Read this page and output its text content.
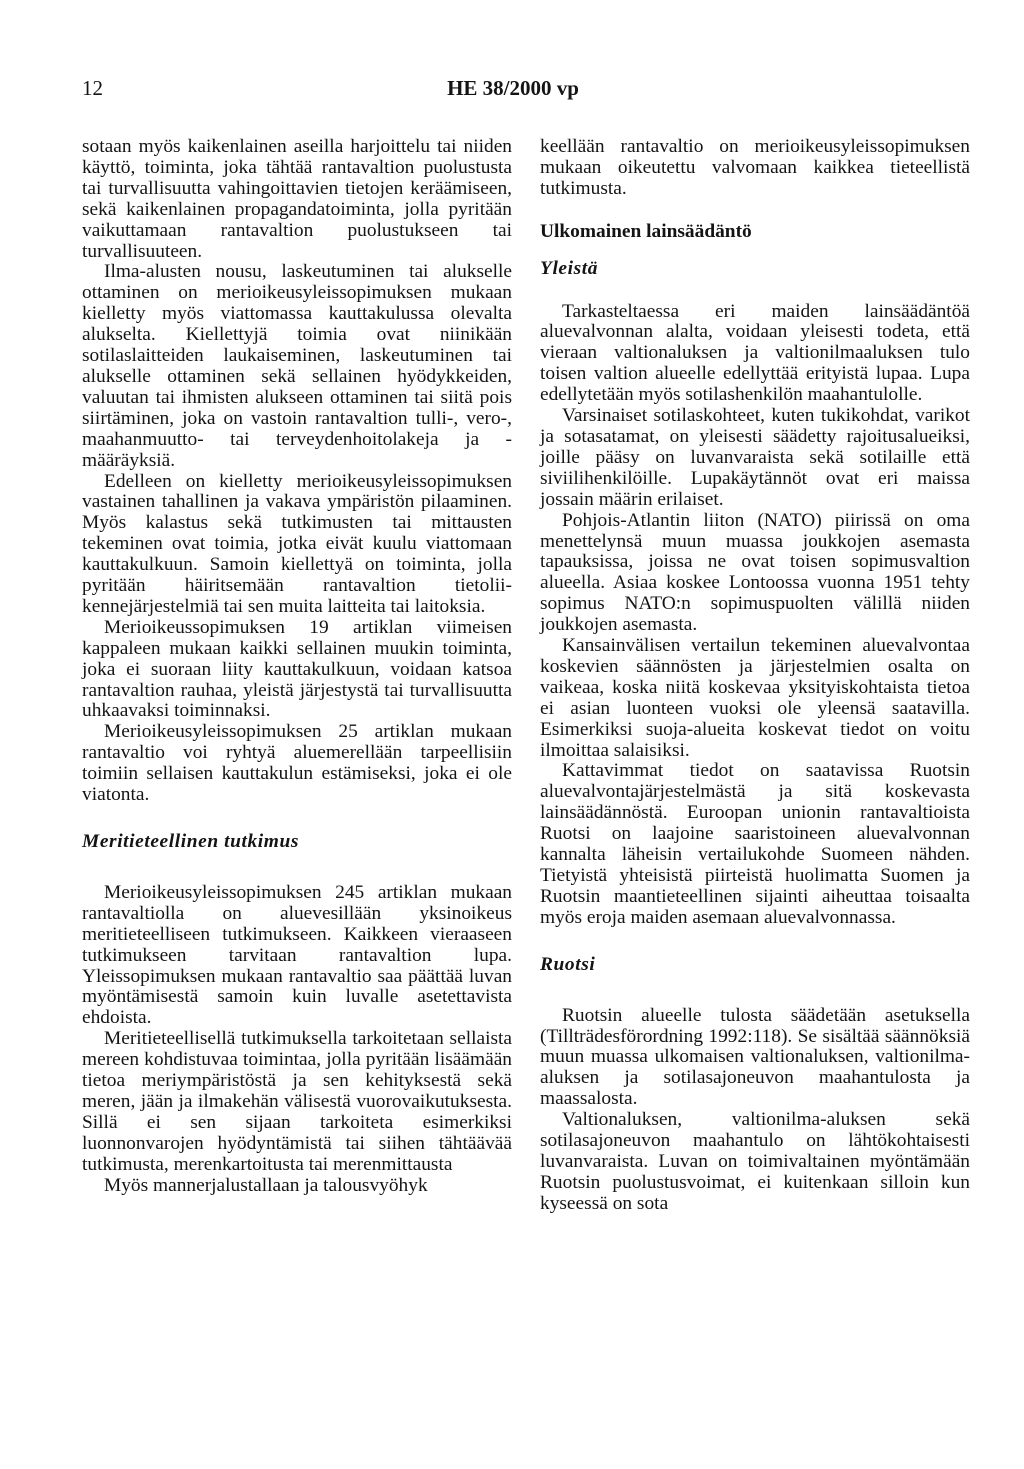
12	HE 38/2000 vp

sotaan myös kaikenlainen aseilla harjoittelu tai niiden käyttö, toiminta, joka tähtää rantavaltion puolustusta tai turvallisuutta vahingoittavien tietojen keräämiseen, sekä kaikenlainen propagandatoiminta, jolla pyritään vaikuttamaan rantavaltion puolustukseen tai turvallisuuteen.

Ilma-alusten nousu, laskeutuminen tai alukselle ottaminen on merioikeusyleissopimuksen mukaan kielletty myös viattomassa kauttakulussa olevalta alukselta. Kiellettyjä toimia ovat niinikään sotilaslaitteiden laukaiseminen, laskeutuminen tai alukselle ottaminen sekä sellainen hyödykkeiden, valuutan tai ihmisten alukseen ottaminen tai siitä pois siirtäminen, joka on vastoin rantavaltion tulli-, vero-, maahanmuutto- tai terveydenhoitolakeja ja -määräyksiä.

Edelleen on kielletty merioikeusyleissopimuksen vastainen tahallinen ja vakava ympäristön pilaaminen. Myös kalastus sekä tutkimusten tai mittausten tekeminen ovat toimia, jotka eivät kuulu viattomaan kauttakulkuun. Samoin kiellettyä on toiminta, jolla pyritään häiritsemään rantavaltion tietoliikennejärjestelmiä tai sen muita laitteita tai laitoksia.

Merioikeussopimuksen 19 artiklan viimeisen kappaleen mukaan kaikki sellainen muukin toiminta, joka ei suoraan liity kauttakulkuun, voidaan katsoa rantavaltion rauhaa, yleistä järjestystä tai turvallisuutta uhkaavaksi toiminnaksi.

Merioikeusyleissopimuksen 25 artiklan mukaan rantavaltio voi ryhtyä aluemerellään tarpeellisiin toimiin sellaisen kauttakulun estämiseksi, joka ei ole viatonta.

Meritieteellinen tutkimus

Merioikeusyleissopimuksen 245 artiklan mukaan rantavaltiolla on aluevesillään yksinoikeus meritieteelliseen tutkimukseen. Kaikkeen vieraaseen tutkimukseen tarvitaan rantavaltion lupa. Yleissopimuksen mukaan rantavaltio saa päättää luvan myöntämisestä samoin kuin luvalle asetettavista ehdoista.

Meritieteellisellä tutkimuksella tarkoitetaan sellaista mereen kohdistuvaa toimintaa, jolla pyritään lisäämään tietoa meriympäristöstä ja sen kehityksestä sekä meren, jään ja ilmakehän välisestä vuorovaikutuksesta. Sillä ei sen sijaan tarkoiteta esimerkiksi luonnonvarojen hyödyntämistä tai siihen tähtäävää tutkimusta, merenkartoitusta tai merenmittausta

Myös mannerjalustallaan ja talousvyöhyk

keellään rantavaltio on merioikeusyleissopimuksen mukaan oikeutettu valvomaan kaikkea tieteellistä tutkimusta.

Ulkomainen lainsäädäntö
Yleistä

Tarkasteltaessa eri maiden lainsäädäntöä aluevalvonnan alalta, voidaan yleisesti todeta, että vieraan valtionaluksen ja valtionilmaaluksen tulo toisen valtion alueelle edellyttää erityistä lupaa. Lupa edellytetään myös sotilashenkilön maahantulolle.

Varsinaiset sotilaskohteet, kuten tukikohdat, varikot ja sotasatamat, on yleisesti säädetty rajoitusalueiksi, joille pääsy on luvanvaraista sekä sotilaille että siviilihenkilöille. Lupakäytännöt ovat eri maissa jossain määrin erilaiset.

Pohjois-Atlantin liiton (NATO) piirissä on oma menettelynsä muun muassa joukkojen asemasta tapauksissa, joissa ne ovat toisen sopimusvaltion alueella. Asiaa koskee Lontoossa vuonna 1951 tehty sopimus NATO:n sopimuspuolten välillä niiden joukkojen asemasta.

Kansainvälisen vertailun tekeminen aluevalvontaa koskevien säännösten ja järjestelmien osalta on vaikeaa, koska niitä koskevaa yksityiskohtaista tietoa ei asian luonteen vuoksi ole yleensä saatavilla. Esimerkiksi suoja-alueita koskevat tiedot on voitu ilmoittaa salaisiksi.

Kattavimmat tiedot on saatavissa Ruotsin aluevalvontajärjestelmästä ja sitä koskevasta lainsäädännöstä. Euroopan unionin rantavaltioista Ruotsi on laajoine saaristoineen aluevalvonnan kannalta läheisin vertailukohde Suomeen nähden. Tietyistä yhteisistä piirteistä huolimatta Suomen ja Ruotsin maantieteellinen sijainti aiheuttaa toisaalta myös eroja maiden asemaan aluevalvonnassa.

Ruotsi

Ruotsin alueelle tulosta säädetään asetuksella (Tillträdesförordning 1992:118). Se sisältää säännöksiä muun muassa ulkomaisen valtionaluksen, valtionilma-aluksen ja sotilasajoneuvon maahantulosta ja maassalosta.

Valtionaluksen, valtionilma-aluksen sekä sotilasajoneuvon maahantulo on lähtökohtaisesti luvanvaraista. Luvan on toimivaltainen myöntämään Ruotsin puolustusvoimat, ei kuitenkaan silloin kun kyseessä on sota
